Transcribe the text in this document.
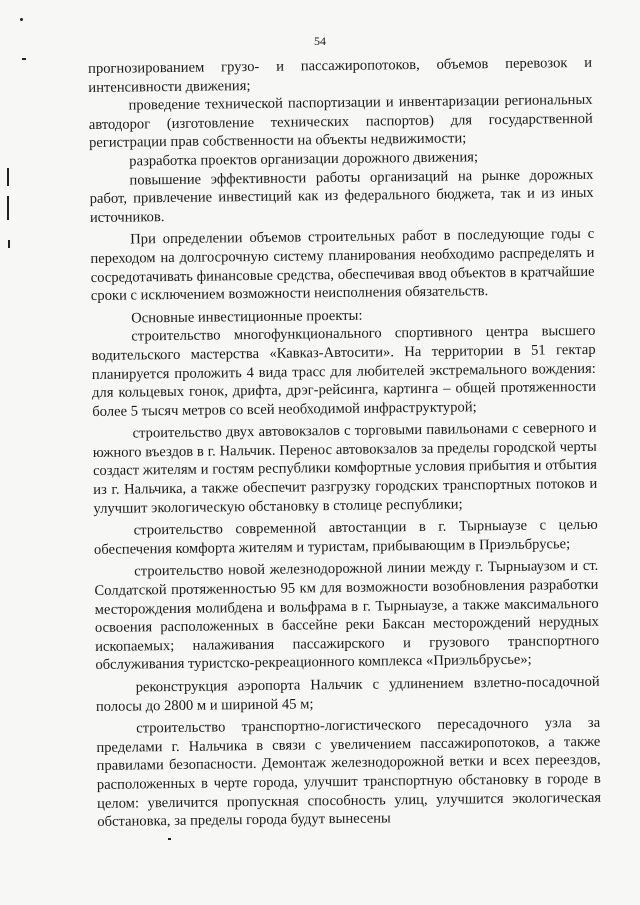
54

прогнозированием грузо- и пассажиропотоков, объемов перевозок и интенсивности движения;

проведение технической паспортизации и инвентаризации региональных автодорог (изготовление технических паспортов) для государственной регистрации прав собственности на объекты недвижимости;

разработка проектов организации дорожного движения;

повышение эффективности работы организаций на рынке дорожных работ, привлечение инвестиций как из федерального бюджета, так и из иных источников.

При определении объемов строительных работ в последующие годы с переходом на долгосрочную систему планирования необходимо распределять и сосредотачивать финансовые средства, обеспечивая ввод объектов в кратчайшие сроки с исключением возможности неисполнения обязательств.

Основные инвестиционные проекты:

строительство многофункционального спортивного центра высшего водительского мастерства «Кавказ-Автосити». На территории в 51 гектар планируется проложить 4 вида трасс для любителей экстремального вождения: для кольцевых гонок, дрифта, дрэг-рейсинга, картинга – общей протяженности более 5 тысяч метров со всей необходимой инфраструктурой;

строительство двух автовокзалов с торговыми павильонами с северного и южного въездов в г. Нальчик. Перенос автовокзалов за пределы городской черты создаст жителям и гостям республики комфортные условия прибытия и отбытия из г. Нальчика, а также обеспечит разгрузку городских транспортных потоков и улучшит экологическую обстановку в столице республики;

строительство современной автостанции в г. Тырныаузе с целью обеспечения комфорта жителям и туристам, прибывающим в Приэльбрусье;

строительство новой железнодорожной линии между г. Тырныаузом и ст. Солдатской протяженностью 95 км для возможности возобновления разработки месторождения молибдена и вольфрама в г. Тырныаузе, а также максимального освоения расположенных в бассейне реки Баксан месторождений нерудных ископаемых; налаживания пассажирского и грузового транспортного обслуживания туристско-рекреационного комплекса «Приэльбрусье»;

реконструкция аэропорта Нальчик с удлинением взлетно-посадочной полосы до 2800 м и шириной 45 м;

строительство транспортно-логистического пересадочного узла за пределами г. Нальчика в связи с увеличением пассажиропотоков, а также правилами безопасности. Демонтаж железнодорожной ветки и всех переездов, расположенных в черте города, улучшит транспортную обстановку в городе в целом: увеличится пропускная способность улиц, улучшится экологическая обстановка, за пределы города будут вынесены
